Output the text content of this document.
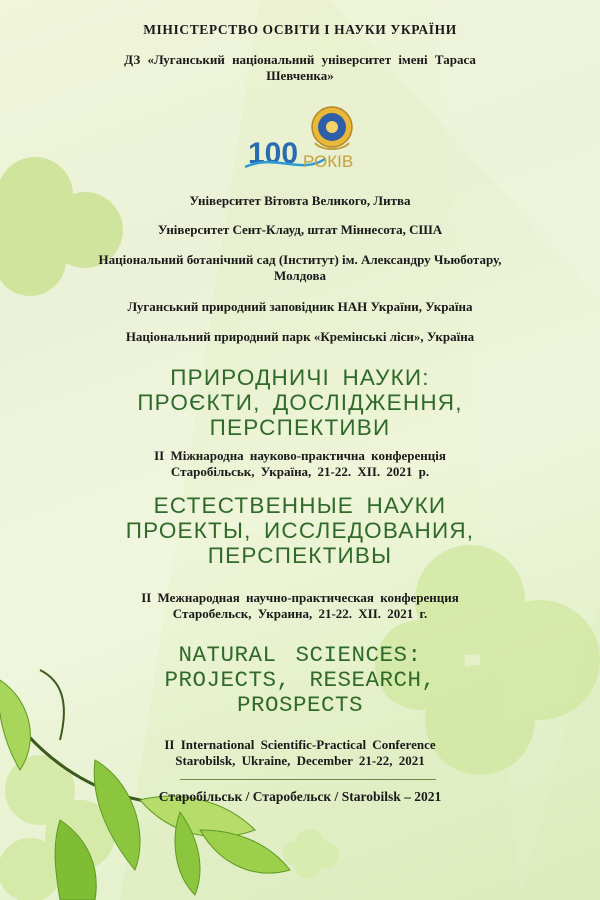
МІНІСТЕРСТВО ОСВІТИ І НАУКИ УКРАЇНИ
ДЗ «Луганський національний університет імені Тараса Шевченка»
100 РОКІВ
Університет Вітовта Великого, Литва
Університет Сент-Клауд, штат Міннесота, США
Національний ботанічний сад (Інститут) ім. Александру Чьюботару, Молдова
Луганський природний заповідник НАН України, Україна
Національний природний парк «Кремінські ліси», Україна
ПРИРОДНИЧІ НАУКИ:
ПРОЄКТИ, ДОСЛІДЖЕННЯ,
ПЕРСПЕКТИВИ
ІІ Міжнародна науково-практична конференція
Старобільськ, Україна, 21-22. ХІІ. 2021 р.
ЕСТЕСТВЕННЫЕ НАУКИ
ПРОЕКТЫ, ИССЛЕДОВАНИЯ,
ПЕРСПЕКТИВЫ
ІІ Межнародная научно-практическая конференция
Старобельск, Украина, 21-22. ХІІ. 2021 г.
NATURAL SCIENCES:
PROJECTS, RESEARCH,
PROSPECTS
II International Scientific-Practical Conference
Starobilsk, Ukraine, December 21-22, 2021
Старобільськ / Старобельск / Starobilsk – 2021
